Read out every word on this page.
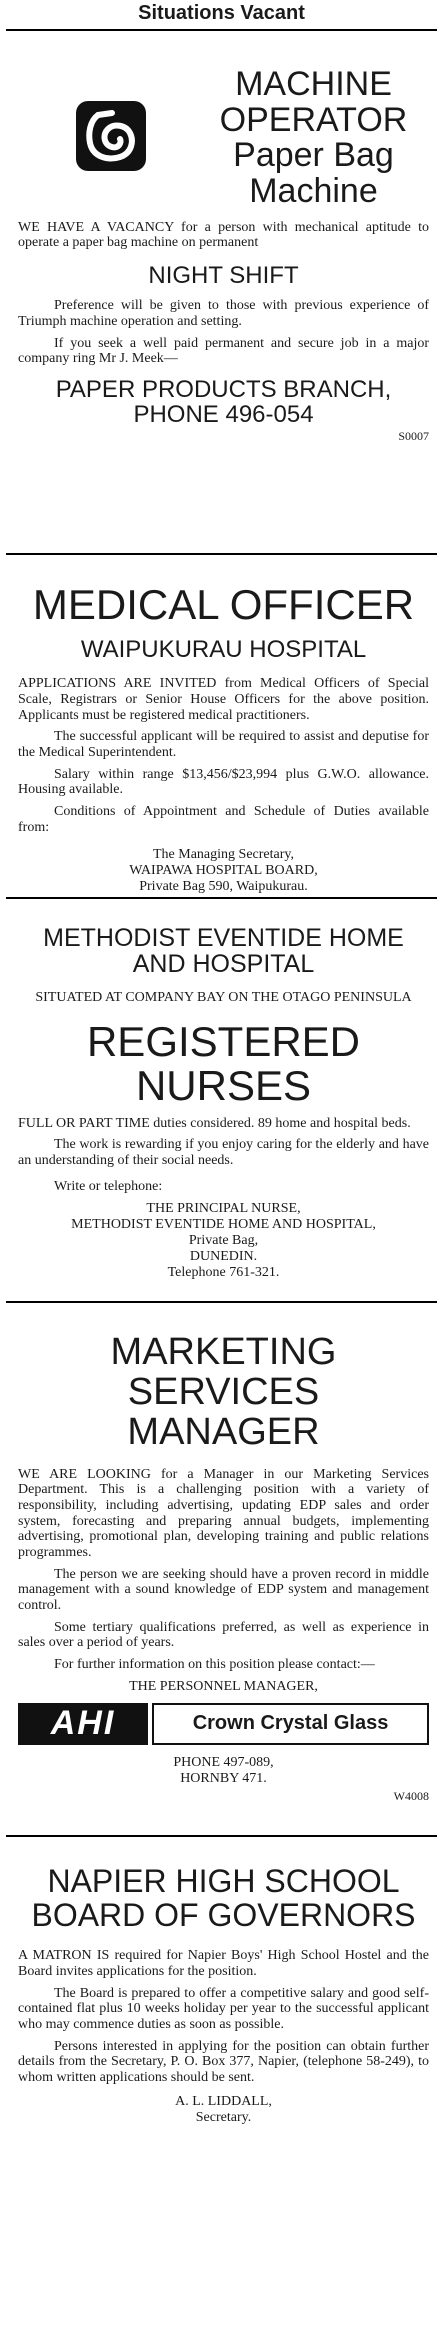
Situations Vacant
MACHINE
OPERATOR
Paper Bag
Machine

WE HAVE A VACANCY for a person with mechanical aptitude to operate a paper bag machine on permanent

NIGHT SHIFT

Preference will be given to those with previous experience of Triumph machine operation and setting.

If you seek a well paid permanent and secure job in a major company ring Mr J. Meek—

PAPER PRODUCTS BRANCH,
PHONE 496-054
S0007
MEDICAL OFFICER
WAIPUKURAU HOSPITAL

APPLICATIONS ARE INVITED from Medical Officers of Special Scale, Registrars or Senior House Officers for the above position. Applicants must be registered medical practitioners.

The successful applicant will be required to assist and deputise for the Medical Superintendent.

Salary within range $13,456/$23,994 plus G.W.O. allowance. Housing available.

Conditions of Appointment and Schedule of Duties available from:

The Managing Secretary,
WAIPAWA HOSPITAL BOARD,
Private Bag 590, Waipukurau.
METHODIST EVENTIDE HOME
AND HOSPITAL
SITUATED AT COMPANY BAY ON THE OTAGO PENINSULA
REGISTERED NURSES

FULL OR PART TIME duties considered. 89 home and hospital beds.

The work is rewarding if you enjoy caring for the elderly and have an understanding of their social needs.

Write or telephone:
THE PRINCIPAL NURSE,
METHODIST EVENTIDE HOME AND HOSPITAL,
Private Bag,
DUNEDIN.
Telephone 761-321.
MARKETING SERVICES
MANAGER

WE ARE LOOKING for a Manager in our Marketing Services Department. This is a challenging position with a variety of responsibility, including advertising, updating EDP sales and order system, forecasting and preparing annual budgets, implementing advertising, promotional plan, developing training and public relations programmes.

The person we are seeking should have a proven record in middle management with a sound knowledge of EDP system and management control.

Some tertiary qualifications preferred, as well as experience in sales over a period of years.

For further information on this position please contact:—

THE PERSONNEL MANAGER,
AHI	Crown Crystal Glass
PHONE 497-089,
HORNBY 471.
W4008
NAPIER HIGH SCHOOL
BOARD OF GOVERNORS

A MATRON IS required for Napier Boys' High School Hostel and the Board invites applications for the position.

The Board is prepared to offer a competitive salary and good self-contained flat plus 10 weeks holiday per year to the successful applicant who may commence duties as soon as possible.

Persons interested in applying for the position can obtain further details from the Secretary, P. O. Box 377, Napier, (telephone 58-249), to whom written applications should be sent.

A. L. LIDDALL,
Secretary.
